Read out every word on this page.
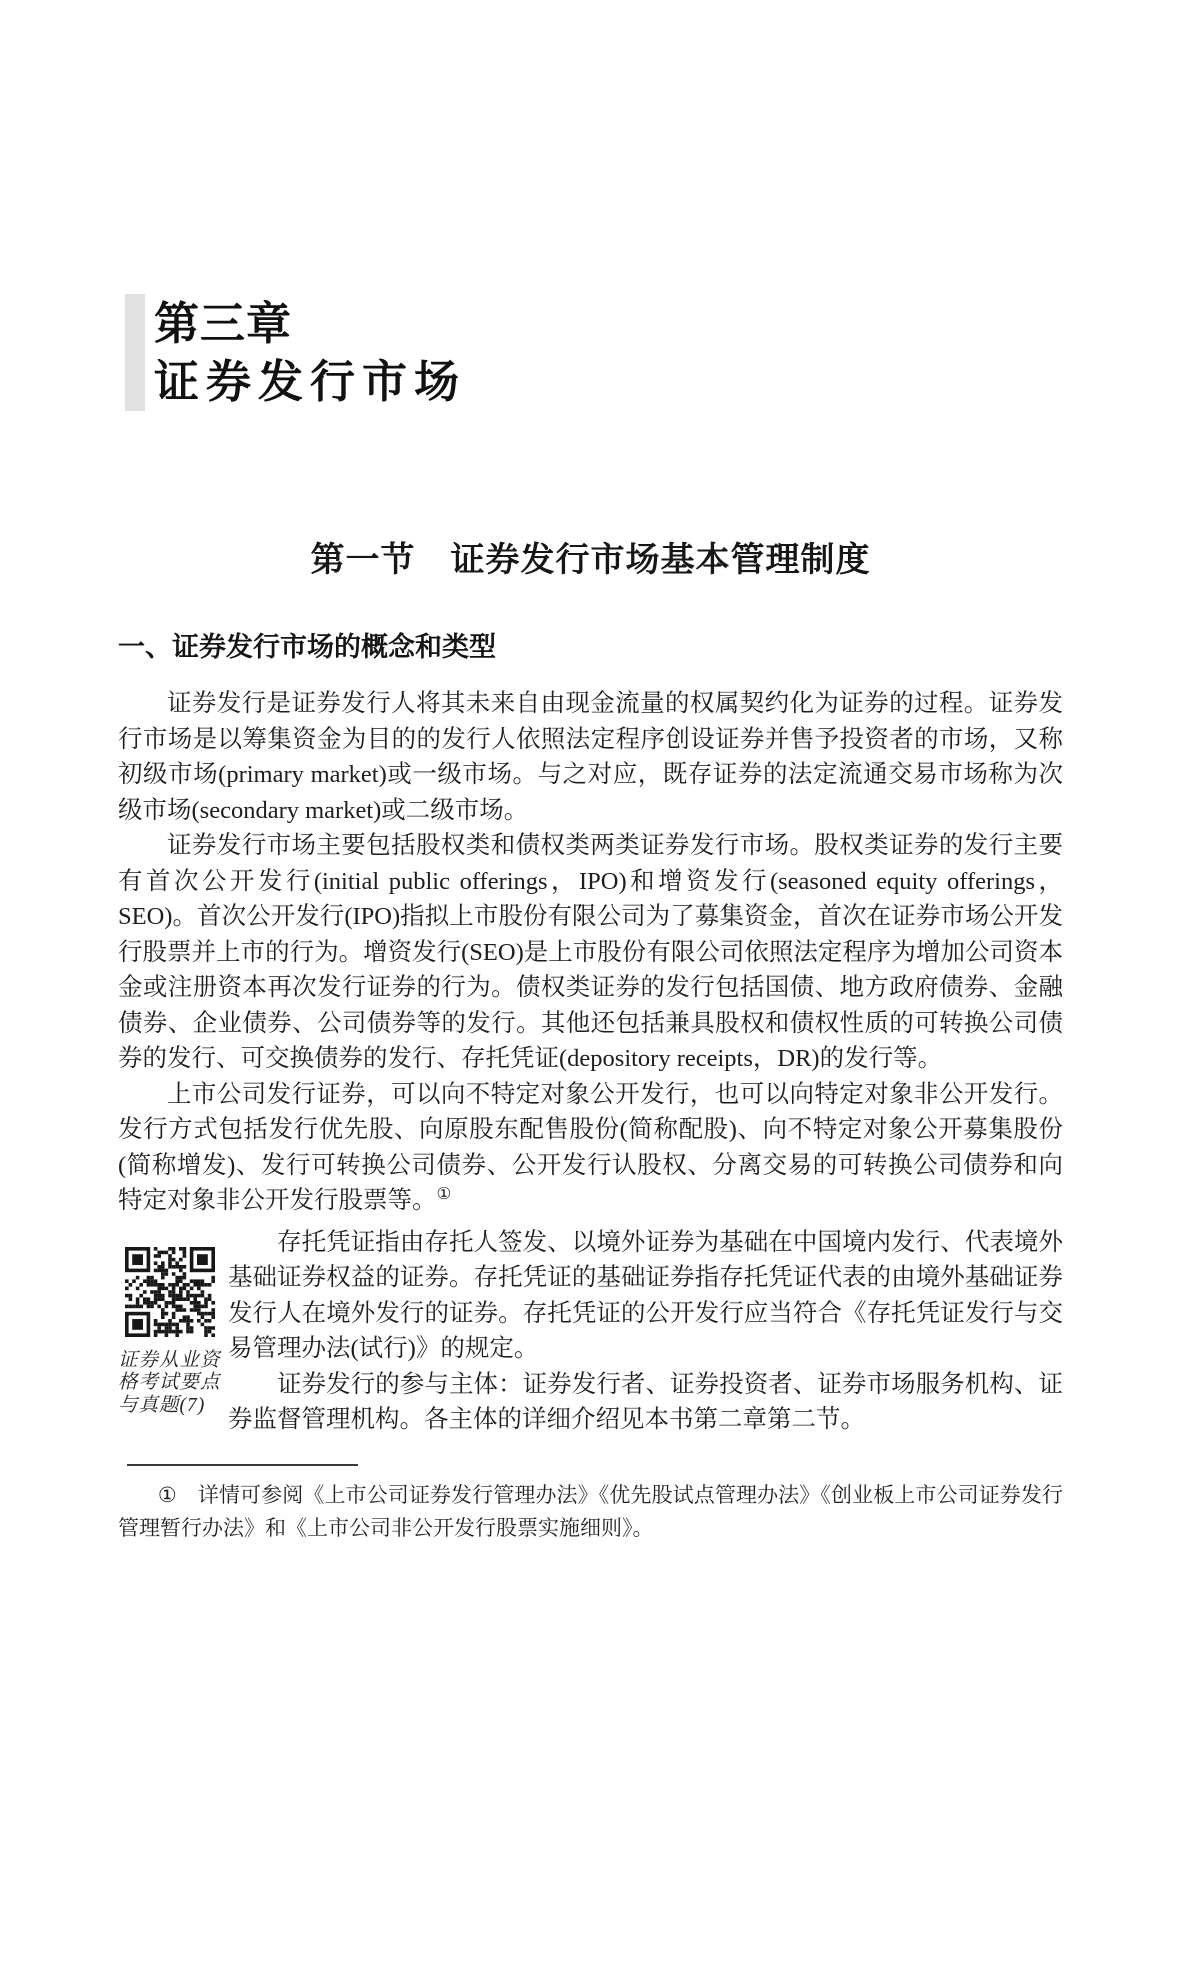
第三章
证券发行市场
第一节　证券发行市场基本管理制度
一、证券发行市场的概念和类型

证券发行是证券发行人将其未来自由现金流量的权属契约化为证券的过程。证券发行市场是以筹集资金为目的的发行人依照法定程序创设证券并售予投资者的市场，又称初级市场(primary market)或一级市场。与之对应，既存证券的法定流通交易市场称为次级市场(secondary market)或二级市场。

证券发行市场主要包括股权类和债权类两类证券发行市场。股权类证券的发行主要有首次公开发行(initial public offerings，IPO)和增资发行(seasoned equity offerings，SEO)。首次公开发行(IPO)指拟上市股份有限公司为了募集资金，首次在证券市场公开发行股票并上市的行为。增资发行(SEO)是上市股份有限公司依照法定程序为增加公司资本金或注册资本再次发行证券的行为。债权类证券的发行包括国债、地方政府债券、金融债券、企业债券、公司债券等的发行。其他还包括兼具股权和债权性质的可转换公司债券的发行、可交换债券的发行、存托凭证(depository receipts，DR)的发行等。

上市公司发行证券，可以向不特定对象公开发行，也可以向特定对象非公开发行。发行方式包括发行优先股、向原股东配售股份(简称配股)、向不特定对象公开募集股份(简称增发)、发行可转换公司债券、公开发行认股权、分离交易的可转换公司债券和向特定对象非公开发行股票等。①

证券从业资
格考试要点
与真题(7)

存托凭证指由存托人签发、以境外证券为基础在中国境内发行、代表境外基础证券权益的证券。存托凭证的基础证券指存托凭证代表的由境外基础证券发行人在境外发行的证券。存托凭证的公开发行应当符合《存托凭证发行与交易管理办法(试行)》的规定。

证券发行的参与主体：证券发行者、证券投资者、证券市场服务机构、证券监督管理机构。各主体的详细介绍见本书第二章第二节。

① 详情可参阅《上市公司证券发行管理办法》《优先股试点管理办法》《创业板上市公司证券发行管理暂行办法》和《上市公司非公开发行股票实施细则》。
